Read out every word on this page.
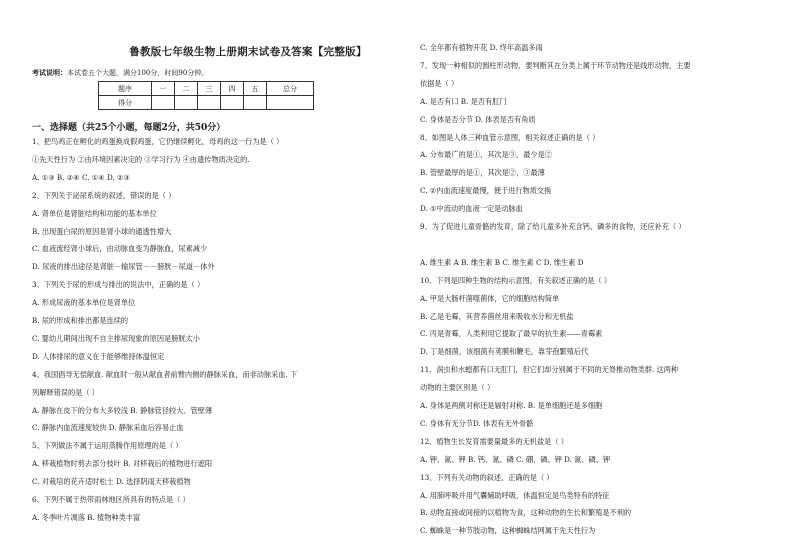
鲁教版七年级生物上册期末试卷及答案【完整版】
考试说明：本试卷五个大题，满分100分，时间90分钟。
题序	一	二	三	四	五	总分
得分						
一、选择题（共25个小题，每题2分，共50分）
1、把鸟鸡正在孵化的鸡蛋换成假鸡蛋，它仍继续孵化，母鸡的这一行为是（ ）
①先天性行为 ②由环境因素决定的 ③学习行为 ④由遗传物质决定的.
A. ①③ B. ②④ C. ①④ D. ②③
2、下列关于泌尿系统的叙述，错误的是（ ）
A. 肾单位是肾脏结构和功能的基本单位
B. 出现蛋白尿的原因是肾小球的通透性增大
C. 血液流经肾小球后，由动脉血变为静脉血，尿素减少
D. 尿液的排出途径是肾脏－输尿管－－膀胱－尿道－体外
3、下列关于尿的形成与排出的说法中，正确的是（ ）
A. 形成尿液的基本单位是肾单位
B. 尿的形成和排出都是连续的
C. 婴幼儿期间出现不自主排尿现象的原因是膀胱太小
D. 人体排尿的意义在于能够维持体温恒定
4、我国倡导无偿献血. 献血时一般从献血者前臂内侧的静脉采血，而非动脉采血. 下
列解释错误的是（ ）
A. 静脉在皮下的分布大多较浅 B. 静脉管径较大、管壁薄
C. 静脉内血流速度较快 D. 静脉采血后容易止血
5、下列做法不属于运用蒸腾作用原理的是（ ）
A. 移栽植物时剪去部分枝叶 B. 对移栽后的植物进行遮阳
C. 对栽培的花卉适时松土 D. 选择阴雨天移栽植物
6、下列不属于热带雨林地区所具有的特点是（ ）
A. 冬季叶片凋落 B. 植物种类丰富
C. 全年都有植物开花 D. 终年高温多雨
7、发现一种相似的圆柱形动物，要判断其在分类上属于环节动物还是线形动物，主要
依据是（ ）
A. 是否有口 B. 是否有肛门
C. 身体是否分节 D. 体表是否有角质
8、如图是人体三种血管示意图，相关叙述正确的是（ ）
A. 分布最广的是①，其次是③，最少是②
B. 管壁最厚的是①，其次是②，③最薄
C. ②内血流速度最慢，便于进行物质交换
D. ①中流动的血液一定是动脉血
9、为了促进儿童骨骼的发育，除了给儿童多补充含钙、磷多的食物，还应补充（ ）
A. 维生素 A B. 维生素 B C. 维生素 C D. 维生素 D
10、下列是四种生物的结构示意图，有关叙述正确的是（ ）
A. 甲是大肠杆菌噬菌体，它的细胞结构简单
B. 乙是毛霉，其营养菌丝用来吸收水分和无机盐
C. 丙是青霉，人类利用它提取了最早的抗生素——青霉素
D. 丁是细菌，该细菌有荚膜和鞭毛，靠芽孢繁殖后代
11、涡虫和水螅都有口无肛门，但它们却分别属于不同的无脊椎动物类群. 这两种
动物的主要区别是（ ）
A. 身体是两侧对称还是辐射对称. B. 是单细胞还是多细胞
C. 身体有无分节D. 体表有无外骨骼
12、植物生长发育需要量最多的无机盐是（ ）
A. 钾、氮、钾 B. 钙、氮、磷 C. 硼、磷、钾 D. 氮、磷、钾
13、下列有关动物的叙述，正确的是（ ）
A. 用肺呼吸并用气囊辅助呼吸、体温恒定是鸟类特有的特征
B. 动物直接或间接的以植物为食，这种动物的生长和繁殖是不利的
C. 蜘蛛是一种节肢动物，这种蜘蛛结网属于先天性行为
